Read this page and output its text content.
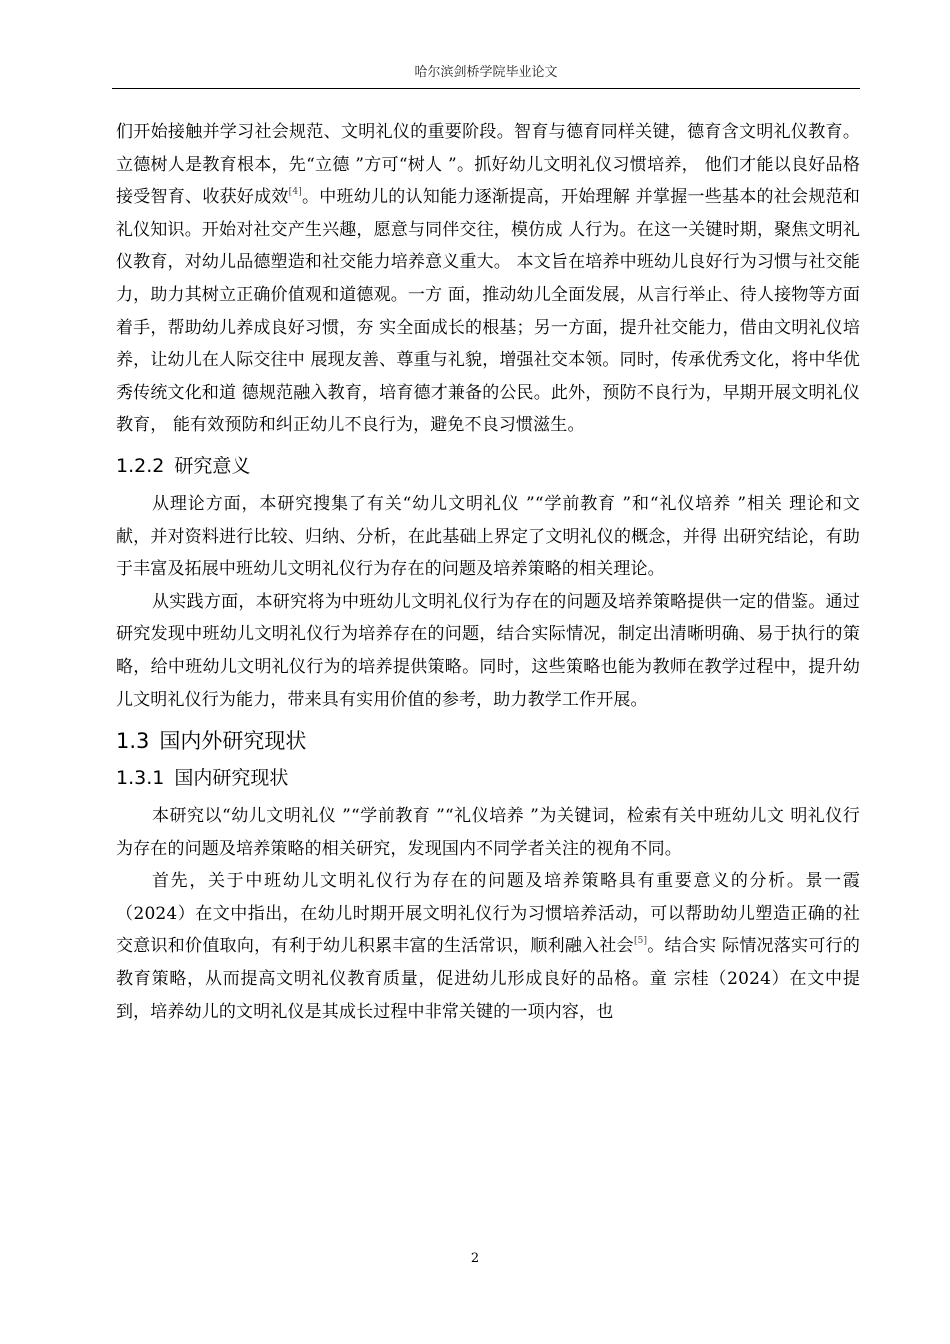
哈尔滨剑桥学院毕业论文

们开始接触并学习社会规范、文明礼仪的重要阶段。智育与德育同样关键，德育含文明礼仪教育。立德树人是教育根本，先“立德 ”方可“树人 ”。抓好幼儿文明礼仪习惯培养， 他们才能以良好品格接受智育、收获好成效[4]。中班幼儿的认知能力逐渐提高，开始理解 并掌握一些基本的社会规范和礼仪知识。开始对社交产生兴趣，愿意与同伴交往，模仿成 人行为。在这一关键时期，聚焦文明礼仪教育，对幼儿品德塑造和社交能力培养意义重大。 本文旨在培养中班幼儿良好行为习惯与社交能力，助力其树立正确价值观和道德观。一方 面，推动幼儿全面发展，从言行举止、待人接物等方面着手，帮助幼儿养成良好习惯，夯 实全面成长的根基；另一方面，提升社交能力，借由文明礼仪培养，让幼儿在人际交往中 展现友善、尊重与礼貌，增强社交本领。同时，传承优秀文化，将中华优秀传统文化和道 德规范融入教育，培育德才兼备的公民。此外，预防不良行为，早期开展文明礼仪教育， 能有效预防和纠正幼儿不良行为，避免不良习惯滋生。

1.2.2 研究意义

从理论方面，本研究搜集了有关“幼儿文明礼仪 ”“学前教育 ”和“礼仪培养 ”相关 理论和文献，并对资料进行比较、归纳、分析，在此基础上界定了文明礼仪的概念，并得 出研究结论，有助于丰富及拓展中班幼儿文明礼仪行为存在的问题及培养策略的相关理论。

从实践方面，本研究将为中班幼儿文明礼仪行为存在的问题及培养策略提供一定的借鉴。通过研究发现中班幼儿文明礼仪行为培养存在的问题，结合实际情况，制定出清晰明确、易于执行的策略，给中班幼儿文明礼仪行为的培养提供策略。同时，这些策略也能为教师在教学过程中，提升幼儿文明礼仪行为能力，带来具有实用价值的参考，助力教学工作开展。

1.3 国内外研究现状
1.3.1 国内研究现状

本研究以“幼儿文明礼仪 ”“学前教育 ”“礼仪培养 ”为关键词，检索有关中班幼儿文 明礼仪行为存在的问题及培养策略的相关研究，发现国内不同学者关注的视角不同。

首先，关于中班幼儿文明礼仪行为存在的问题及培养策略具有重要意义的分析。景一霞（2024）在文中指出，在幼儿时期开展文明礼仪行为习惯培养活动，可以帮助幼儿塑造正确的社交意识和价值取向，有利于幼儿积累丰富的生活常识，顺利融入社会[5]。结合实 际情况落实可行的教育策略，从而提高文明礼仪教育质量，促进幼儿形成良好的品格。童 宗桂（2024）在文中提到，培养幼儿的文明礼仪是其成长过程中非常关键的一项内容，也

2
